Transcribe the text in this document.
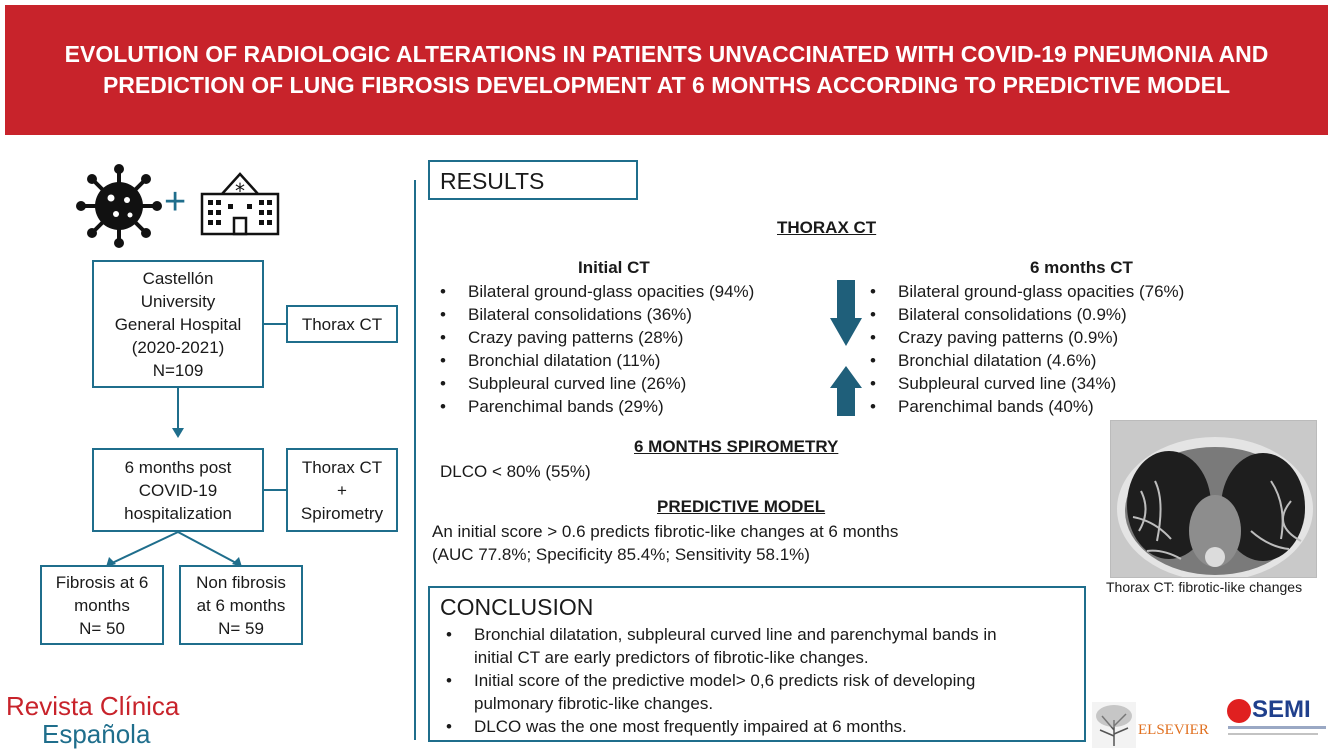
EVOLUTION OF RADIOLOGIC ALTERATIONS IN PATIENTS UNVACCINATED WITH COVID-19 PNEUMONIA AND
PREDICTION OF LUNG FIBROSIS DEVELOPMENT AT 6 MONTHS ACCORDING TO PREDICTIVE MODEL
+ *
Castellón
University
General Hospital
(2020-2021)
N=109
Thorax CT
6 months post
COVID-19
hospitalization
Thorax CT
+
Spirometry
Fibrosis at 6
months
N= 50
Non fibrosis
at 6 months
N= 59
RESULTS
THORAX CT
Initial CT
• Bilateral ground-glass opacities (94%)
• Bilateral consolidations (36%)
• Crazy paving patterns (28%)
• Bronchial dilatation (11%)
• Subpleural curved line (26%)
• Parenchimal bands (29%)
6 months CT
• Bilateral ground-glass opacities (76%)
• Bilateral consolidations (0.9%)
• Crazy paving patterns (0.9%)
• Bronchial dilatation (4.6%)
• Subpleural curved line (34%)
• Parenchimal bands (40%)
6 MONTHS SPIROMETRY
DLCO < 80% (55%)
PREDICTIVE MODEL
An initial score > 0.6 predicts fibrotic-like changes at 6 months
(AUC 77.8%; Specificity 85.4%; Sensitivity 58.1%)
Thorax CT: fibrotic-like changes
CONCLUSION
• Bronchial dilatation, subpleural curved line and parenchymal bands in
initial CT are early predictors of fibrotic-like changes.
• Initial score of the predictive model> 0,6 predicts risk of developing
pulmonary fibrotic-like changes.
• DLCO was the one most frequently impaired at 6 months.
Revista Clínica
Española	ELSEVIER
SEMI
